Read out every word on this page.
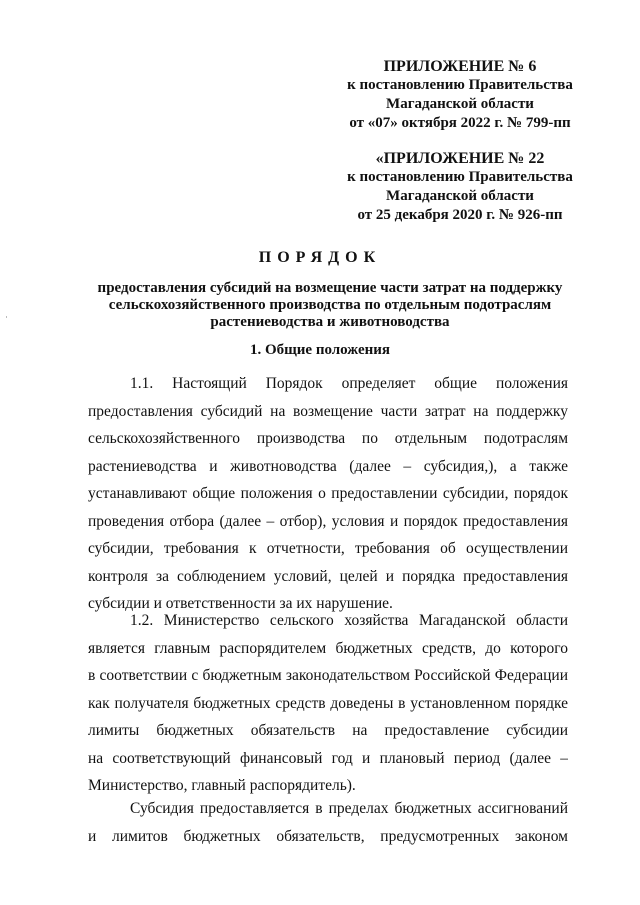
ПРИЛОЖЕНИЕ № 6
к постановлению Правительства
Магаданской области
от «07» октября 2022 г. № 799-пп
«ПРИЛОЖЕНИЕ № 22
к постановлению Правительства
Магаданской области
от 25 декабря 2020 г. № 926-пп
ПОРЯДОК
предоставления субсидий на возмещение части затрат на поддержку
сельскохозяйственного производства по отдельным подотраслям
растениеводства и животноводства
1. Общие положения
1.1. Настоящий Порядок определяет общие положения
предоставления субсидий на возмещение части затрат на поддержку
сельскохозяйственного производства по отдельным подотраслям
растениеводства и животноводства (далее – субсидия,), а также
устанавливают общие положения о предоставлении субсидии, порядок
проведения отбора (далее – отбор), условия и порядок предоставления
субсидии, требования к отчетности, требования об осуществлении
контроля за соблюдением условий, целей и порядка предоставления
субсидии и ответственности за их нарушение.
1.2. Министерство сельского хозяйства Магаданской области
является главным распорядителем бюджетных средств, до которого
в соответствии с бюджетным законодательством Российской Федерации
как получателя бюджетных средств доведены в установленном порядке
лимиты бюджетных обязательств на предоставление субсидии
на соответствующий финансовый год и плановый период (далее –
Министерство, главный распорядитель).
Субсидия предоставляется в пределах бюджетных ассигнований
и лимитов бюджетных обязательств, предусмотренных законом
